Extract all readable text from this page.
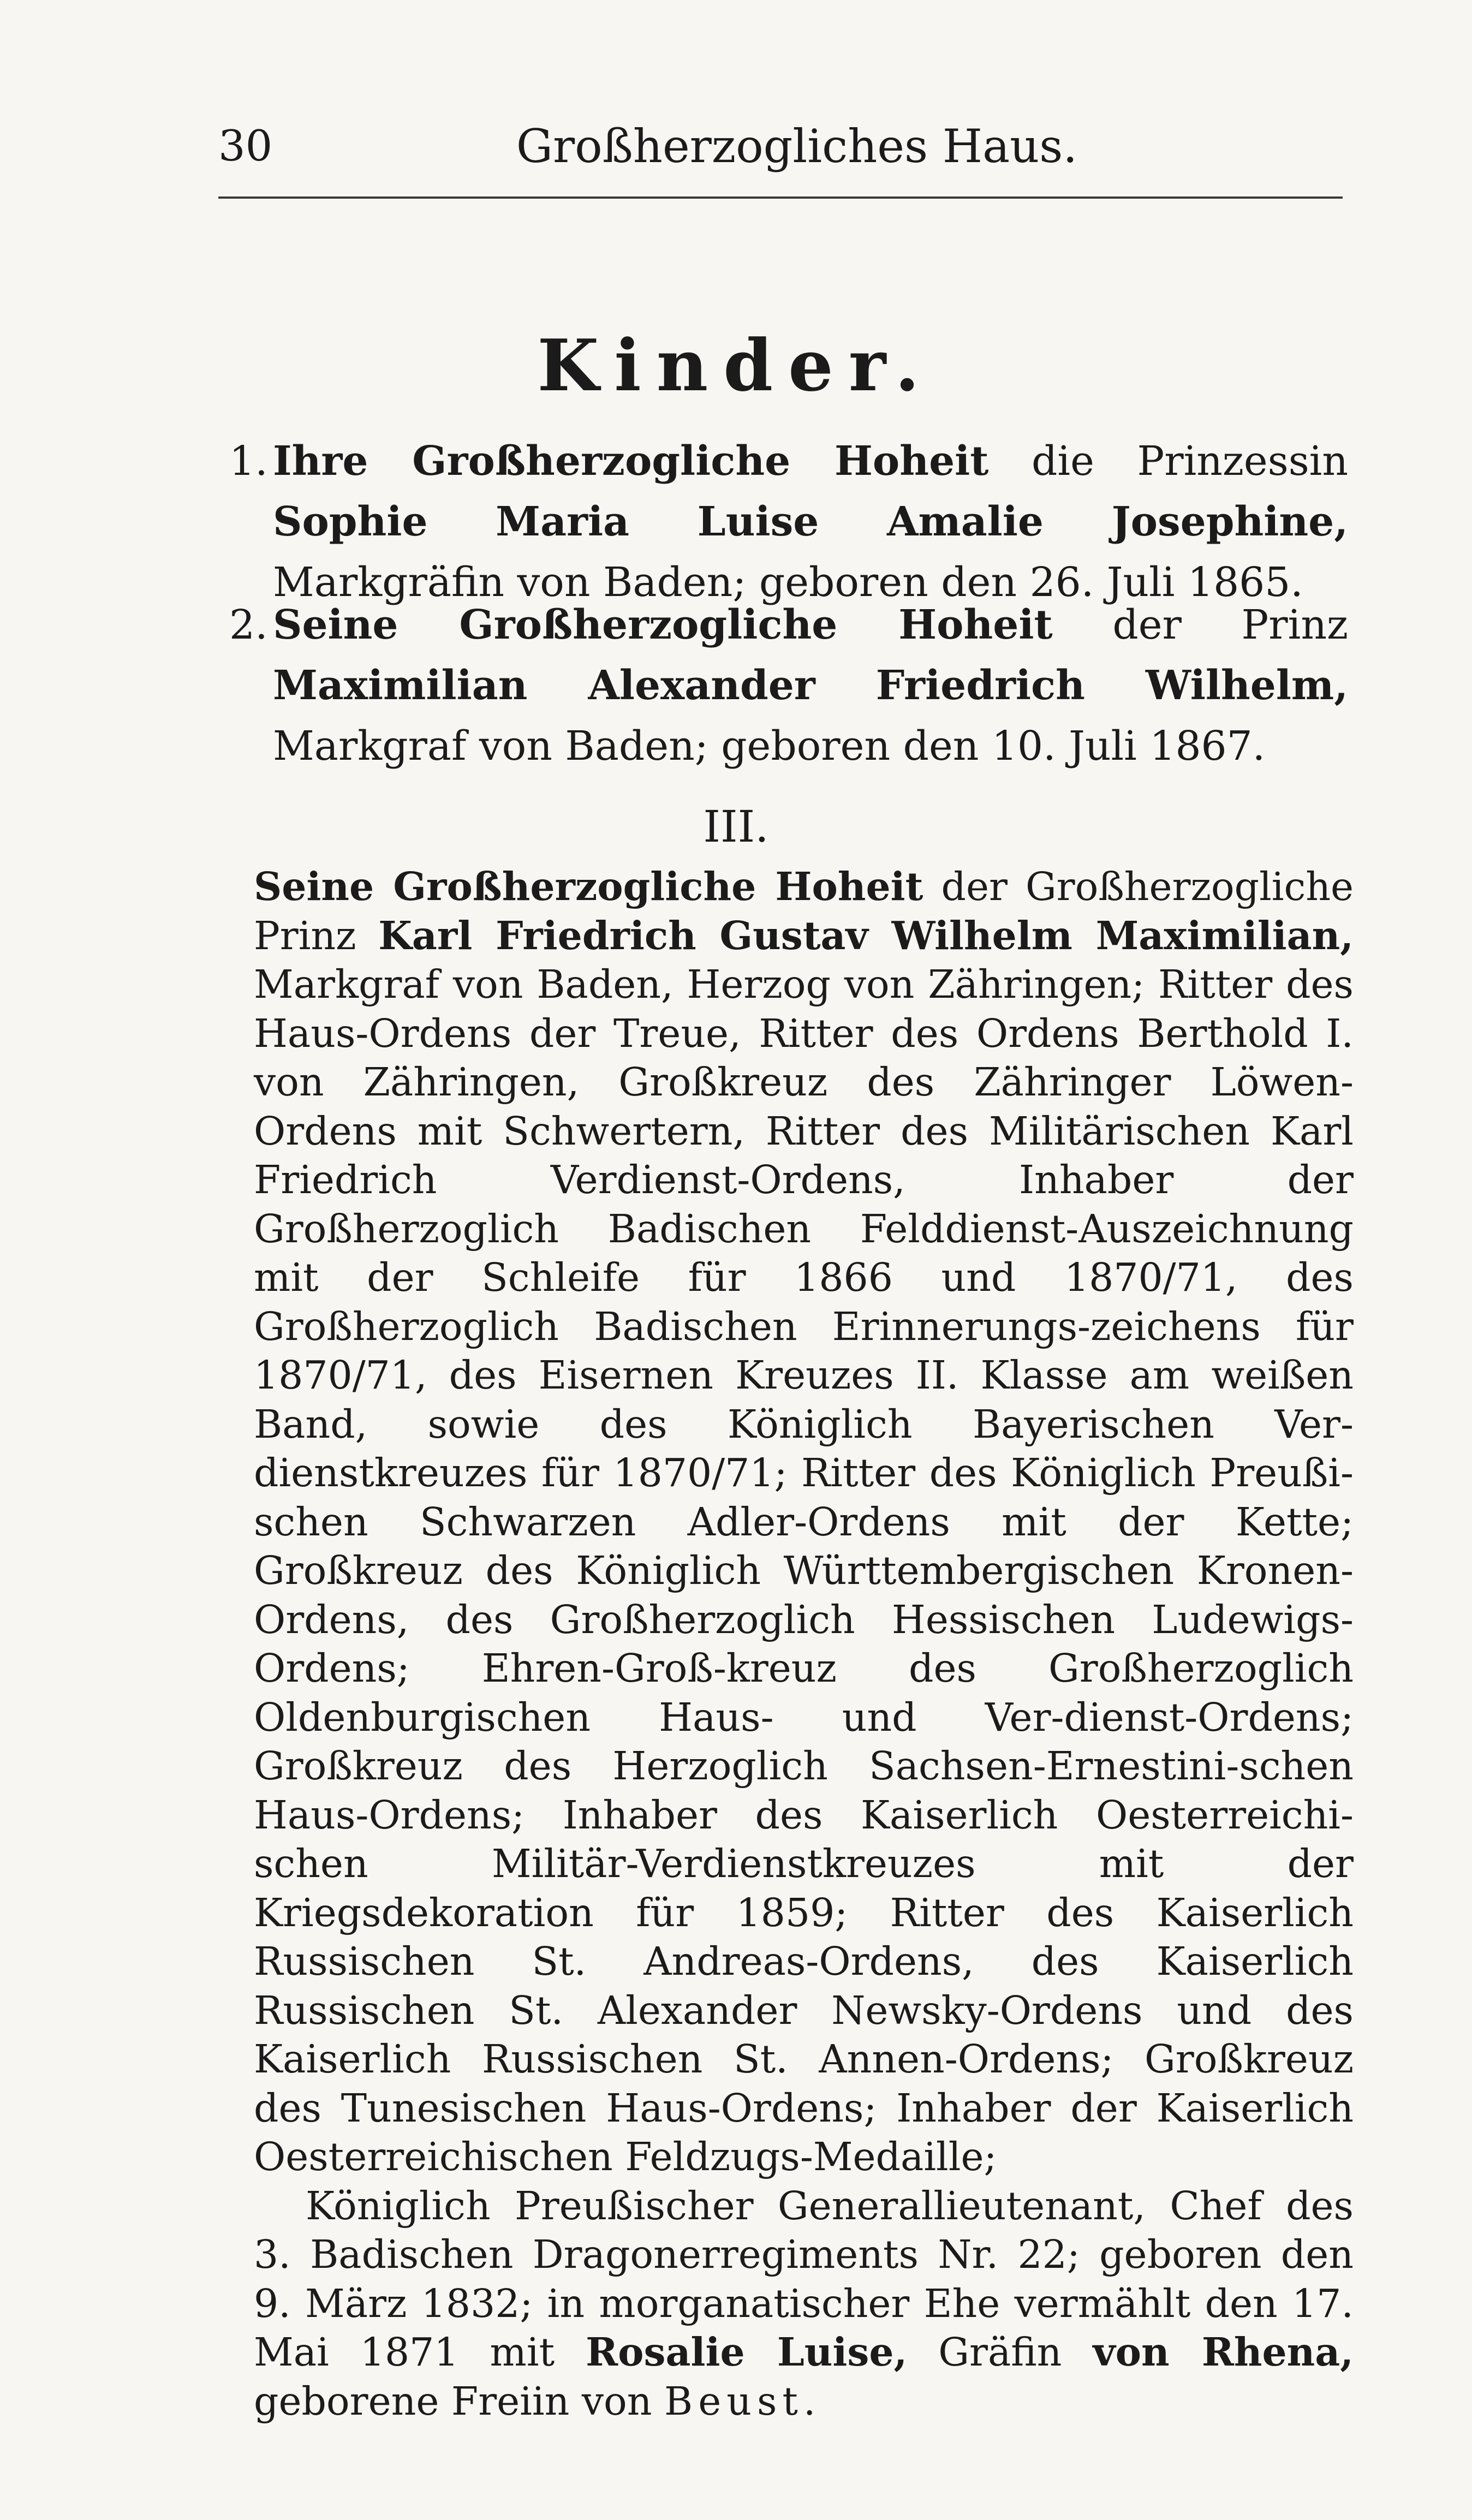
30	Großherzogliches Haus.
Kinder.
1. Ihre Großherzogliche Hoheit die Prinzessin Sophie Maria Luise Amalie Josephine, Markgräfin von Baden; geboren den 26. Juli 1865.
2. Seine Großherzogliche Hoheit der Prinz Maximilian Alexander Friedrich Wilhelm, Markgraf von Baden; geboren den 10. Juli 1867.
III.

Seine Großherzogliche Hoheit der Großherzogliche Prinz Karl Friedrich Gustav Wilhelm Maximilian, Markgraf von Baden, Herzog von Zähringen; Ritter des Haus-Ordens der Treue, Ritter des Ordens Berthold I. von Zähringen, Großkreuz des Zähringer Löwen-Ordens mit Schwertern, Ritter des Militärischen Karl Friedrich Verdienst-Ordens, Inhaber der Großherzoglich Badischen Felddienst-Auszeichnung mit der Schleife für 1866 und 1870/71, des Großherzoglich Badischen Erinnerungs-zeichens für 1870/71, des Eisernen Kreuzes II. Klasse am weißen Band, sowie des Königlich Bayerischen Ver-dienstkreuzes für 1870/71; Ritter des Königlich Preußi-schen Schwarzen Adler-Ordens mit der Kette; Großkreuz des Königlich Württembergischen Kronen-Ordens, des Großherzoglich Hessischen Ludewigs-Ordens; Ehren-Groß-kreuz des Großherzoglich Oldenburgischen Haus- und Ver-dienst-Ordens; Großkreuz des Herzoglich Sachsen-Ernestini-schen Haus-Ordens; Inhaber des Kaiserlich Oesterreichi-schen Militär-Verdienstkreuzes mit der Kriegsdekoration für 1859; Ritter des Kaiserlich Russischen St. Andreas-Ordens, des Kaiserlich Russischen St. Alexander Newsky-Ordens und des Kaiserlich Russischen St. Annen-Ordens; Großkreuz des Tunesischen Haus-Ordens; Inhaber der Kaiserlich Oesterreichischen Feldzugs-Medaille;

Königlich Preußischer Generallieutenant, Chef des 3. Badischen Dragonerregiments Nr. 22; geboren den 9. März 1832; in morganatischer Ehe vermählt den 17. Mai 1871 mit Rosalie Luise, Gräfin von Rhena, geborene Freiin von Beust.
